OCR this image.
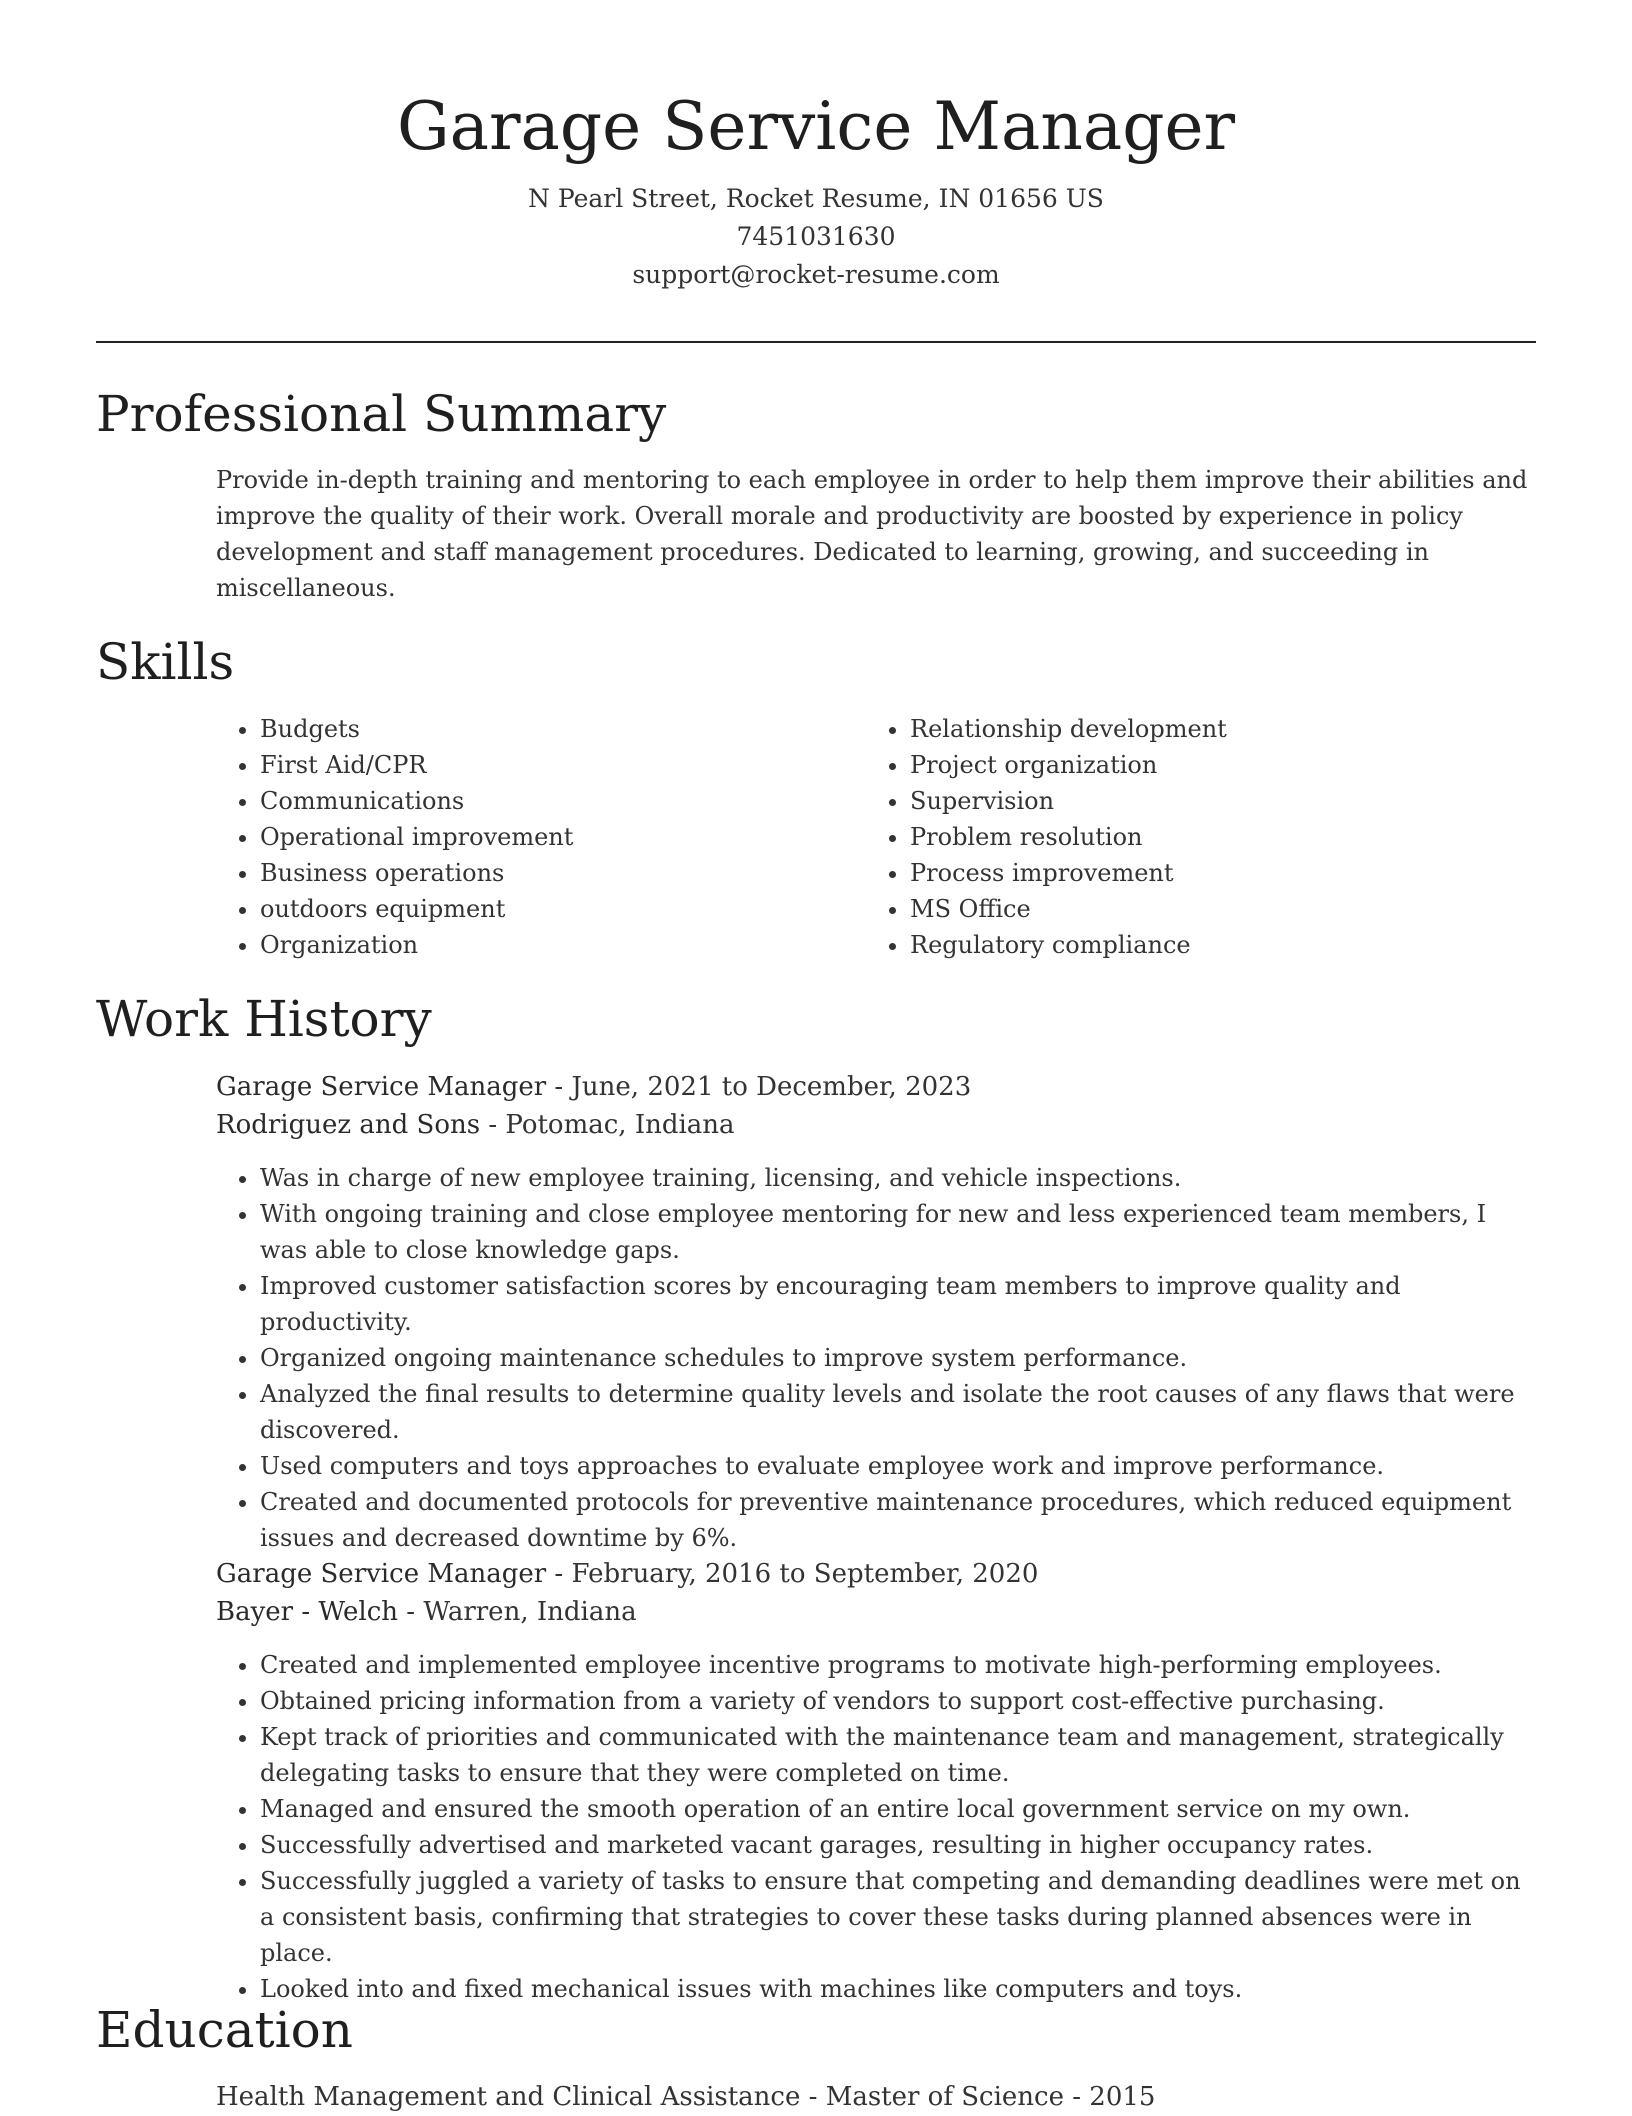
Garage Service Manager
N Pearl Street, Rocket Resume, IN 01656 US
7451031630
support@rocket-resume.com
Professional Summary

Provide in-depth training and mentoring to each employee in order to help them improve their abilities and improve the quality of their work. Overall morale and productivity are boosted by experience in policy development and staff management procedures. Dedicated to learning, growing, and succeeding in miscellaneous.

Skills
• Budgets
• First Aid/CPR
• Communications
• Operational improvement
• Business operations
• outdoors equipment
• Organization
• Relationship development
• Project organization
• Supervision
• Problem resolution
• Process improvement
• MS Office
• Regulatory compliance
Work History
Garage Service Manager - June, 2021 to December, 2023
Rodriguez and Sons - Potomac, Indiana
• Was in charge of new employee training, licensing, and vehicle inspections.
• With ongoing training and close employee mentoring for new and less experienced team members, I was able to close knowledge gaps.
• Improved customer satisfaction scores by encouraging team members to improve quality and productivity.
• Organized ongoing maintenance schedules to improve system performance.
• Analyzed the final results to determine quality levels and isolate the root causes of any flaws that were discovered.
• Used computers and toys approaches to evaluate employee work and improve performance.
• Created and documented protocols for preventive maintenance procedures, which reduced equipment issues and decreased downtime by 6%.
Garage Service Manager - February, 2016 to September, 2020
Bayer - Welch - Warren, Indiana
• Created and implemented employee incentive programs to motivate high-performing employees.
• Obtained pricing information from a variety of vendors to support cost-effective purchasing.
• Kept track of priorities and communicated with the maintenance team and management, strategically delegating tasks to ensure that they were completed on time.
• Managed and ensured the smooth operation of an entire local government service on my own.
• Successfully advertised and marketed vacant garages, resulting in higher occupancy rates.
• Successfully juggled a variety of tasks to ensure that competing and demanding deadlines were met on a consistent basis, confirming that strategies to cover these tasks during planned absences were in place.
• Looked into and fixed mechanical issues with machines like computers and toys.
Education
Health Management and Clinical Assistance - Master of Science - 2015
